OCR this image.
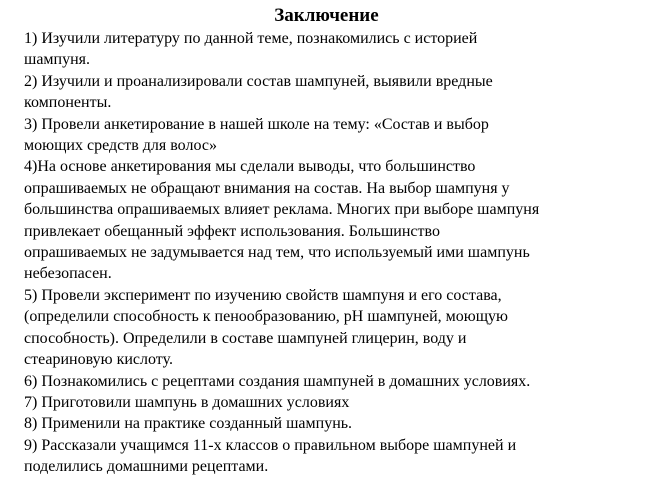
Заключение
1) Изучили литературу по данной теме, познакомились с историей
шампуня.
2) Изучили и проанализировали состав шампуней, выявили вредные
компоненты.
3) Провели анкетирование в нашей школе на тему: «Состав и выбор
моющих средств для волос»
4)На основе анкетирования мы сделали выводы, что большинство
опрашиваемых не обращают внимания на состав. На выбор шампуня у
большинства опрашиваемых влияет реклама. Многих при выборе шампуня
привлекает обещанный эффект использования. Большинство
опрашиваемых не задумывается над тем, что используемый ими шампунь
небезопасен.
5) Провели эксперимент по изучению свойств шампуня и его состава,
(определили способность к пенообразованию, pH шампуней, моющую
способность). Определили в составе шампуней глицерин, воду и
стеариновую кислоту.
6) Познакомились с рецептами создания шампуней в домашних условиях.
7) Приготовили шампунь в домашних условиях
8) Применили на практике созданный шампунь.
9) Рассказали учащимся 11-х классов о правильном выборе шампуней и
поделились домашними рецептами.
